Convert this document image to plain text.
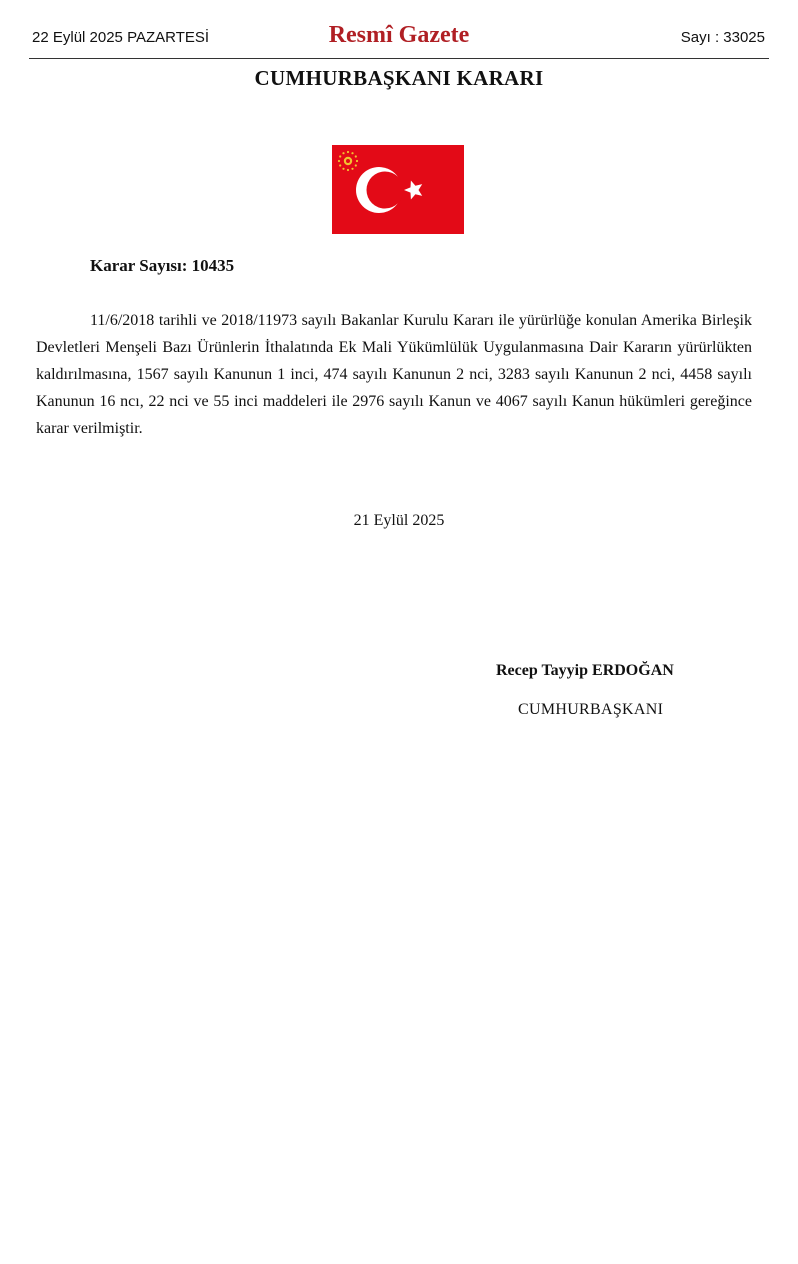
22 Eylül 2025 PAZARTESİ	Resmî Gazete	Sayı : 33025
CUMHURBAŞKANI KARARI
Karar Sayısı: 10435

11/6/2018 tarihli ve 2018/11973 sayılı Bakanlar Kurulu Kararı ile yürürlüğe konulan Amerika Birleşik Devletleri Menşeli Bazı Ürünlerin İthalatında Ek Mali Yükümlülük Uygulanmasına Dair Kararın yürürlükten kaldırılmasına, 1567 sayılı Kanunun 1 inci, 474 sayılı Kanunun 2 nci, 3283 sayılı Kanunun 2 nci, 4458 sayılı Kanunun 16 ncı, 22 nci ve 55 inci maddeleri ile 2976 sayılı Kanun ve 4067 sayılı Kanun hükümleri gereğince karar verilmiştir.

21 Eylül 2025
Recep Tayyip ERDOĞAN
CUMHURBAŞKANI
